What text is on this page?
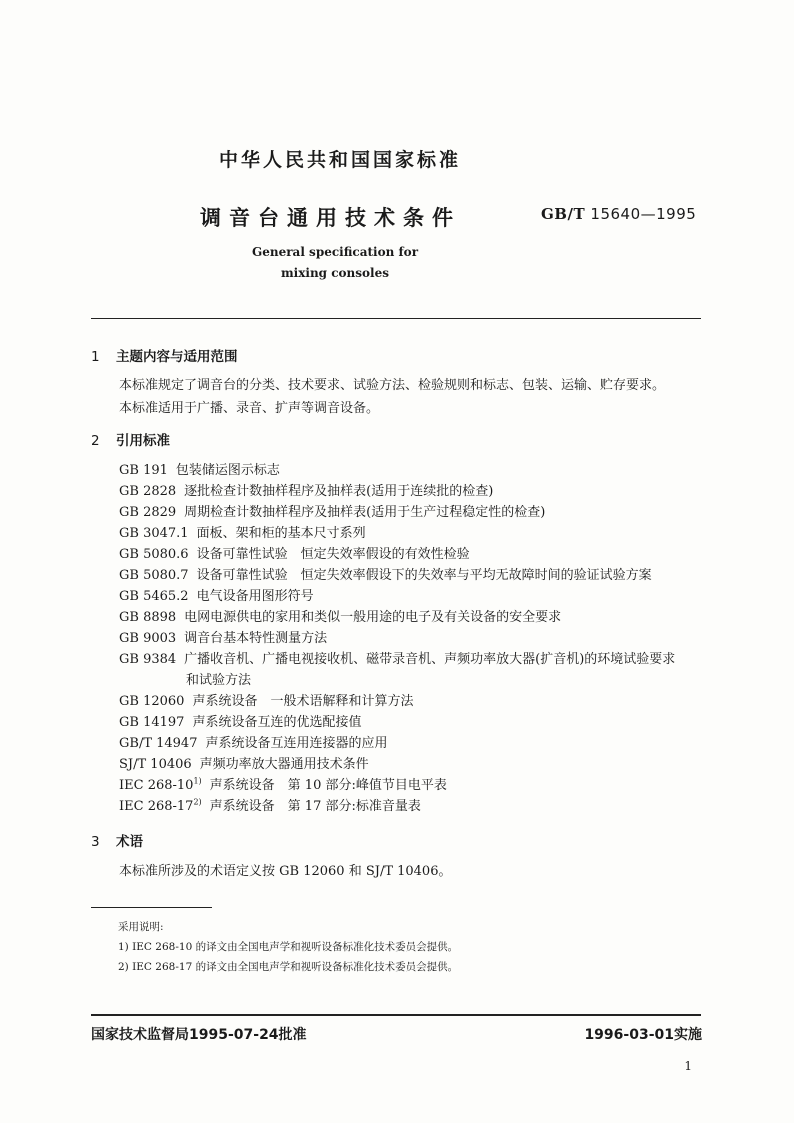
中华人民共和国国家标准
调音台通用技术条件	GB/T 15640—1995
General specification for
mixing consoles
1 主题内容与适用范围
本标准规定了调音台的分类、技术要求、试验方法、检验规则和标志、包装、运输、贮存要求。
本标准适用于广播、录音、扩声等调音设备。
2 引用标准
GB 191 包装储运图示标志
GB 2828 逐批检查计数抽样程序及抽样表(适用于连续批的检查)
GB 2829 周期检查计数抽样程序及抽样表(适用于生产过程稳定性的检查)
GB 3047.1 面板、架和柜的基本尺寸系列
GB 5080.6 设备可靠性试验　恒定失效率假设的有效性检验
GB 5080.7 设备可靠性试验　恒定失效率假设下的失效率与平均无故障时间的验证试验方案
GB 5465.2 电气设备用图形符号
GB 8898 电网电源供电的家用和类似一般用途的电子及有关设备的安全要求
GB 9003 调音台基本特性测量方法
GB 9384 广播收音机、广播电视接收机、磁带录音机、声频功率放大器(扩音机)的环境试验要求
和试验方法
GB 12060 声系统设备　一般术语解释和计算方法
GB 14197 声系统设备互连的优选配接值
GB/T 14947 声系统设备互连用连接器的应用
SJ/T 10406 声频功率放大器通用技术条件
IEC 268-10$^{1)}$ 声系统设备　第 10 部分:峰值节目电平表
IEC 268-17$^{2)}$ 声系统设备　第 17 部分:标准音量表
3 术语
本标准所涉及的术语定义按 GB 12060 和 SJ/T 10406。
采用说明:
1) IEC 268-10 的译文由全国电声学和视听设备标准化技术委员会提供。
2) IEC 268-17 的译文由全国电声学和视听设备标准化技术委员会提供。
国家技术监督局1995-07-24批准	1996-03-01实施
1
